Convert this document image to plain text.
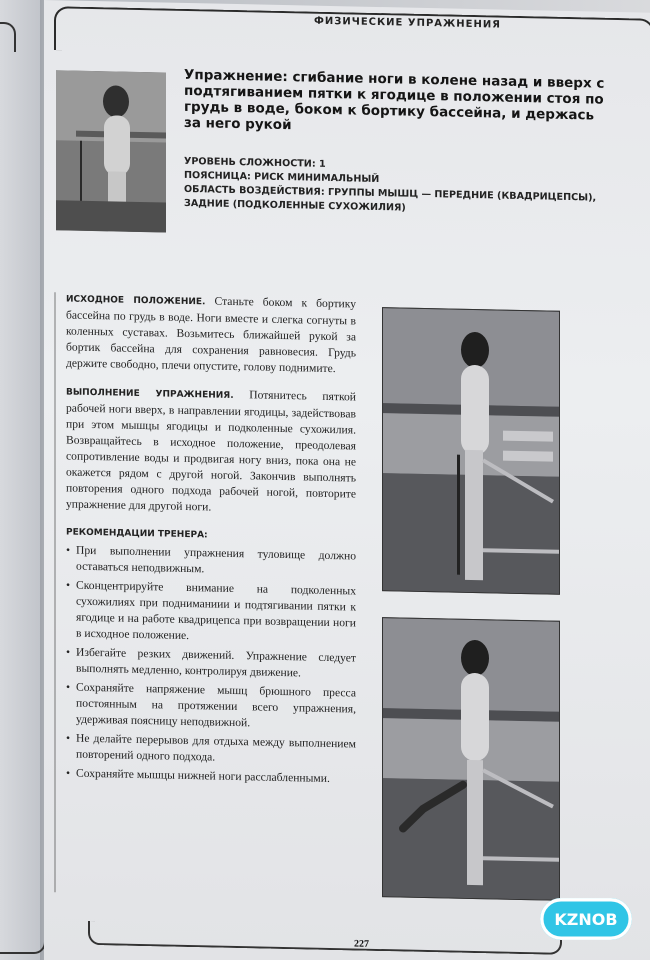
ФИЗИЧЕСКИЕ УПРАЖНЕНИЯ
Упражнение: сгибание ноги в колене назад и вверх с подтягиванием пятки к ягодице в положении стоя по грудь в воде, боком к бортику бассейна, и держась за него рукой
УРОВЕНЬ СЛОЖНОСТИ: 1
ПОЯСНИЦА: РИСК МИНИМАЛЬНЫЙ
ОБЛАСТЬ ВОЗДЕЙСТВИЯ: ГРУППЫ МЫШЦ — ПЕРЕДНИЕ (КВАДРИЦЕПСЫ), ЗАДНИЕ (ПОДКОЛЕННЫЕ СУХОЖИЛИЯ)

ИСХОДНОЕ ПОЛОЖЕНИЕ. Станьте боком к бортику бассейна по грудь в воде. Ноги вместе и слегка согнуты в коленных суставах. Возьмитесь ближайшей рукой за бортик бассейна для сохранения равновесия. Грудь держите свободно, плечи опустите, голову поднимите.

ВЫПОЛНЕНИЕ УПРАЖНЕНИЯ. Потянитесь пяткой рабочей ноги вверх, в направлении ягодицы, задействовав при этом мышцы ягодицы и подколенные сухожилия. Возвращайтесь в исходное положение, преодолевая сопротивление воды и продвигая ногу вниз, пока она не окажется рядом с другой ногой. Закончив выполнять повторения одного подхода рабочей ногой, повторите упражнение для другой ноги.

РЕКОМЕНДАЦИИ ТРЕНЕРА:
• При выполнении упражнения туловище должно оставаться неподвижным.
• Сконцентрируйте внимание на подколенных сухожилиях при подниманиии и подтягивании пятки к ягодице и на работе квадрицепса при возвращении ноги в исходное положение.
• Избегайте резких движений. Упражнение следует выполнять медленно, контролируя движение.
• Сохраняйте напряжение мышц брюшного пресса постоянным на протяжении всего упражнения, удерживая поясницу неподвижной.
• Не делайте перерывов для отдыха между выполнением повторений одного подхода.
• Сохраняйте мышцы нижней ноги расслабленными.
227
KZNOB
